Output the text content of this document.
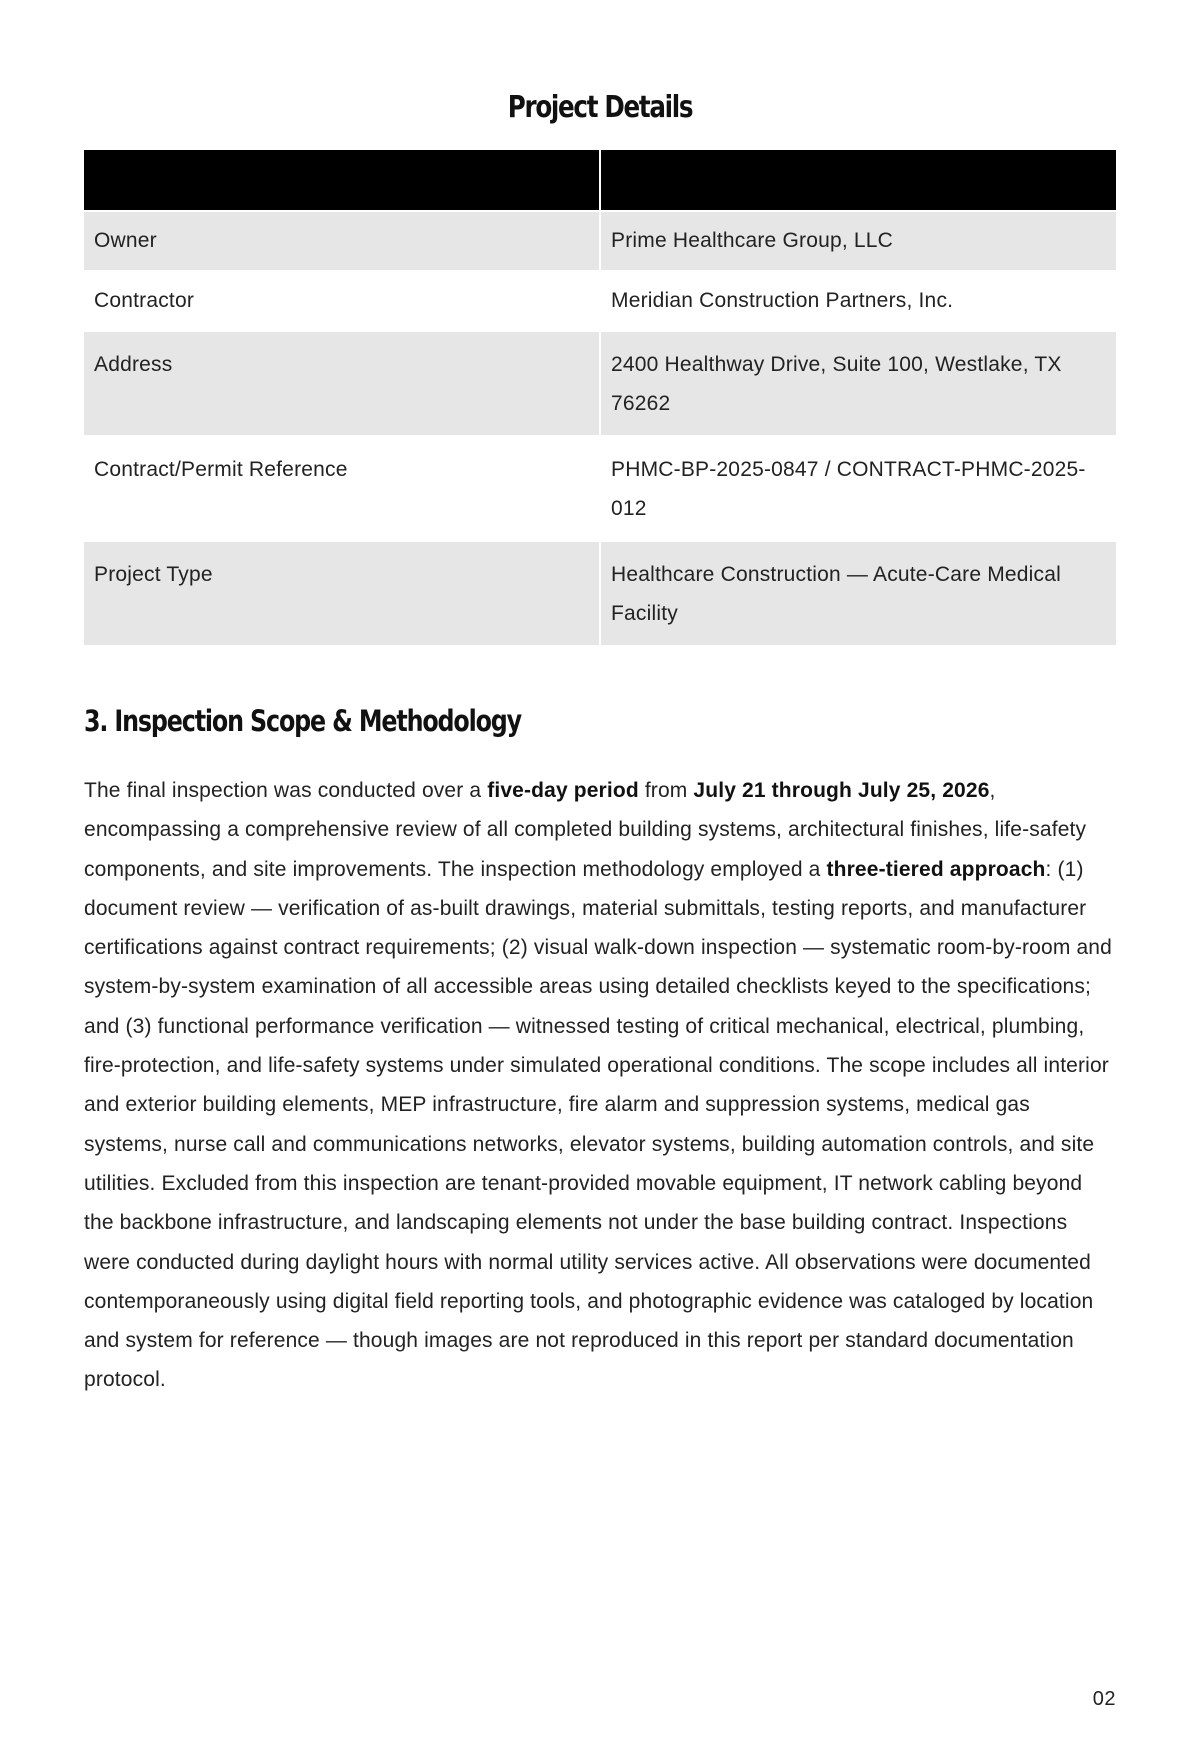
Project Details

Owner	Prime Healthcare Group, LLC
Contractor	Meridian Construction Partners, Inc.
Address	2400 Healthway Drive, Suite 100, Westlake, TX 76262
Contract/Permit Reference	PHMC-BP-2025-0847 / CONTRACT-PHMC-2025-012
Project Type	Healthcare Construction — Acute-Care Medical Facility
3. Inspection Scope & Methodology

The final inspection was conducted over a five-day period from July 21 through July 25, 2026, encompassing a comprehensive review of all completed building systems, architectural finishes, life-safety components, and site improvements. The inspection methodology employed a three-tiered approach: (1) document review — verification of as-built drawings, material submittals, testing reports, and manufacturer certifications against contract requirements; (2) visual walk-down inspection — systematic room-by-room and system-by-system examination of all accessible areas using detailed checklists keyed to the specifications; and (3) functional performance verification — witnessed testing of critical mechanical, electrical, plumbing, fire-protection, and life-safety systems under simulated operational conditions. The scope includes all interior and exterior building elements, MEP infrastructure, fire alarm and suppression systems, medical gas systems, nurse call and communications networks, elevator systems, building automation controls, and site utilities. Excluded from this inspection are tenant-provided movable equipment, IT network cabling beyond the backbone infrastructure, and landscaping elements not under the base building contract. Inspections were conducted during daylight hours with normal utility services active. All observations were documented contemporaneously using digital field reporting tools, and photographic evidence was cataloged by location and system for reference — though images are not reproduced in this report per standard documentation protocol.

02
